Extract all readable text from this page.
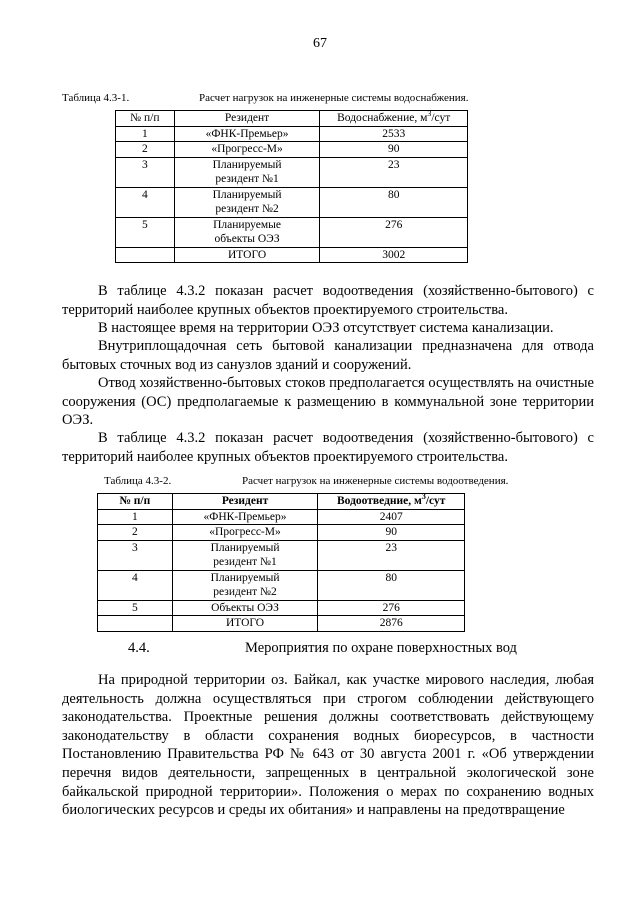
67
Таблица 4.3-1.	Расчет нагрузок на инженерные системы водоснабжения.
№ п/п	Резидент	Водоснабжение, $м^3$/сут
1	«ФНК-Премьер»	2533
2	«Прогресс-М»	90
3	Планируемый резидент №1	23
4	Планируемый резидент №2	80
5	Планируемые объекты ОЭЗ	276
	ИТОГО	3002

В таблице 4.3.2 показан расчет водоотведения (хозяйственно-бытового) с территорий наиболее крупных объектов проектируемого строительства.

В настоящее время на территории ОЭЗ отсутствует система канализации.

Внутриплощадочная сеть бытовой канализации предназначена для отвода бытовых сточных вод из санузлов зданий и сооружений.

Отвод хозяйственно-бытовых стоков предполагается осуществлять на очистные сооружения (ОС) предполагаемые к размещению в коммунальной зоне территории ОЭЗ.

В таблице 4.3.2 показан расчет водоотведения (хозяйственно-бытового) с территорий наиболее крупных объектов проектируемого строительства.

Таблица 4.3-2.	Расчет нагрузок на инженерные системы водоотведения.
№ п/п	Резидент	Водоотведние, $м^3$/сут
1	«ФНК-Премьер»	2407
2	«Прогресс-М»	90
3	Планируемый резидент №1	23
4	Планируемый резидент №2	80
5	Объекты ОЭЗ	276
	ИТОГО	2876
4.4.	Мероприятия по охране поверхностных вод

На природной территории оз. Байкал, как участке мирового наследия, любая деятельность должна осуществляться при строгом соблюдении действующего законодательства. Проектные решения должны соответствовать действующему законодательству в области сохранения водных биоресурсов, в частности Постановлению Правительства РФ № 643 от 30 августа 2001 г. «Об утверждении перечня видов деятельности, запрещенных в центральной экологической зоне байкальской природной территории». Положения о мерах по сохранению водных биологических ресурсов и среды их обитания» и направлены на предотвращение
